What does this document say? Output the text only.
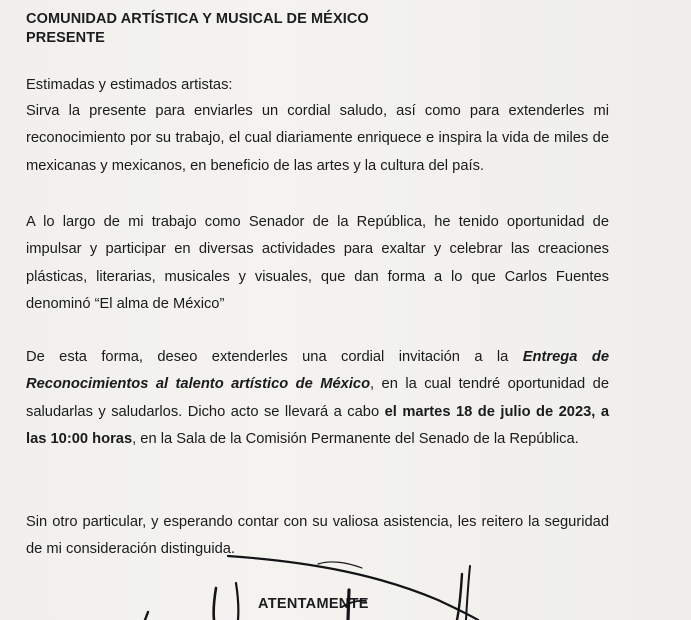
COMUNIDAD ARTÍSTICA Y MUSICAL DE MÉXICO
PRESENTE
Estimadas y estimados artistas:
Sirva la presente para enviarles un cordial saludo, así como para extenderles mi reconocimiento por su trabajo, el cual diariamente enriquece e inspira la vida de miles de mexicanas y mexicanos, en beneficio de las artes y la cultura del país.
A lo largo de mi trabajo como Senador de la República, he tenido oportunidad de impulsar y participar en diversas actividades para exaltar y celebrar las creaciones plásticas, literarias, musicales y visuales, que dan forma a lo que Carlos Fuentes denominó “El alma de México”
De esta forma, deseo extenderles una cordial invitación a la Entrega de Reconocimientos al talento artístico de México, en la cual tendré oportunidad de saludarlas y saludarlos. Dicho acto se llevará a cabo el martes 18 de julio de 2023, a las 10:00 horas, en la Sala de la Comisión Permanente del Senado de la República.
Sin otro particular, y esperando contar con su valiosa asistencia, les reitero la seguridad de mi consideración distinguida.
ATENTAMENTE
